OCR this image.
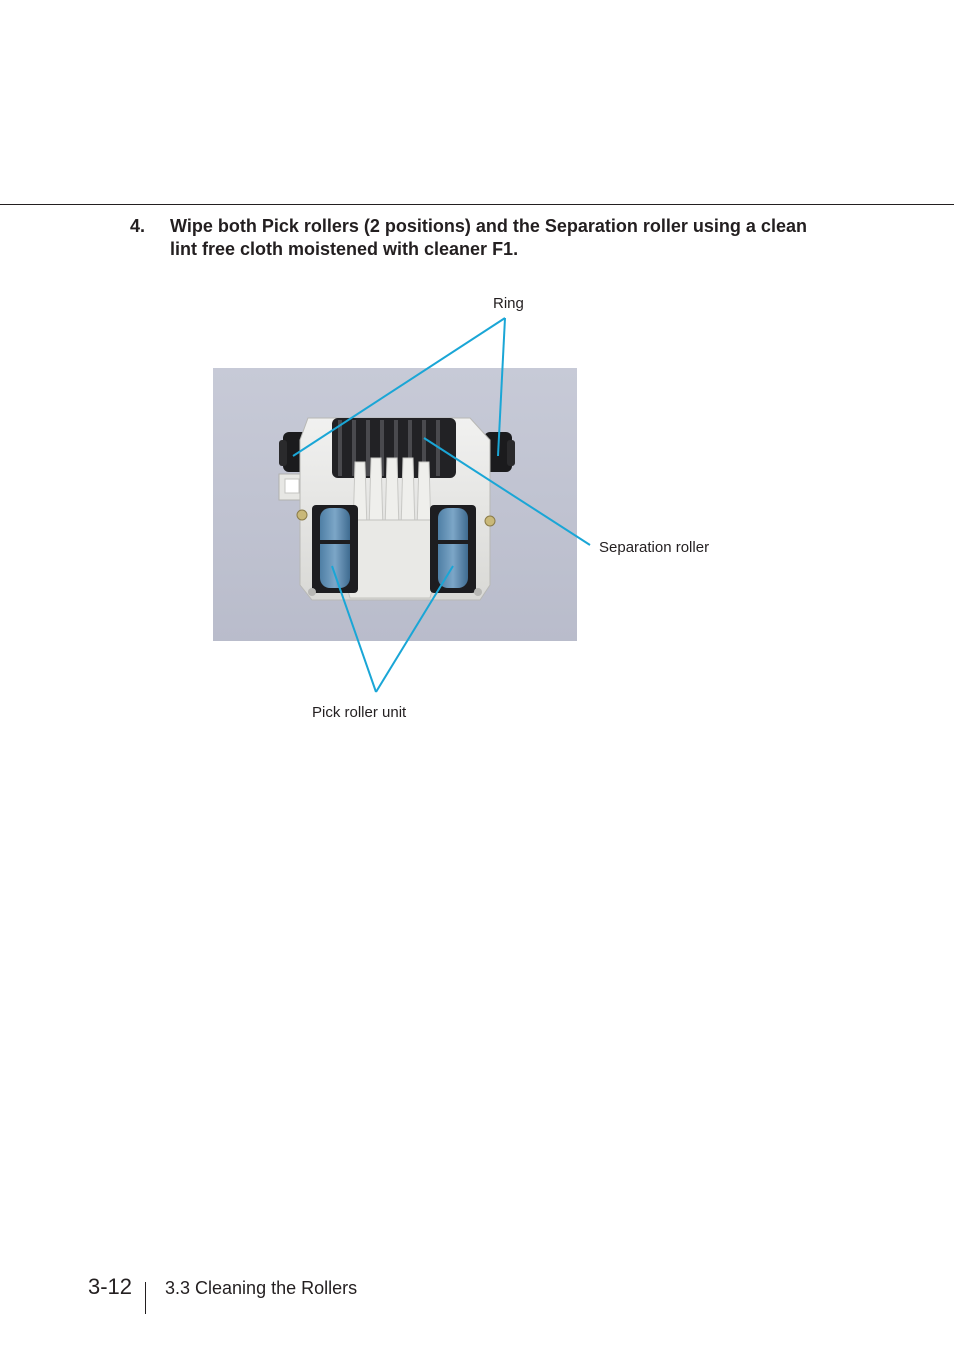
4. Wipe both Pick rollers (2 positions) and the Separation roller using a clean lint free cloth moistened with cleaner F1.
Ring
Separation roller
Pick roller unit
3-12 3.3 Cleaning the Rollers
